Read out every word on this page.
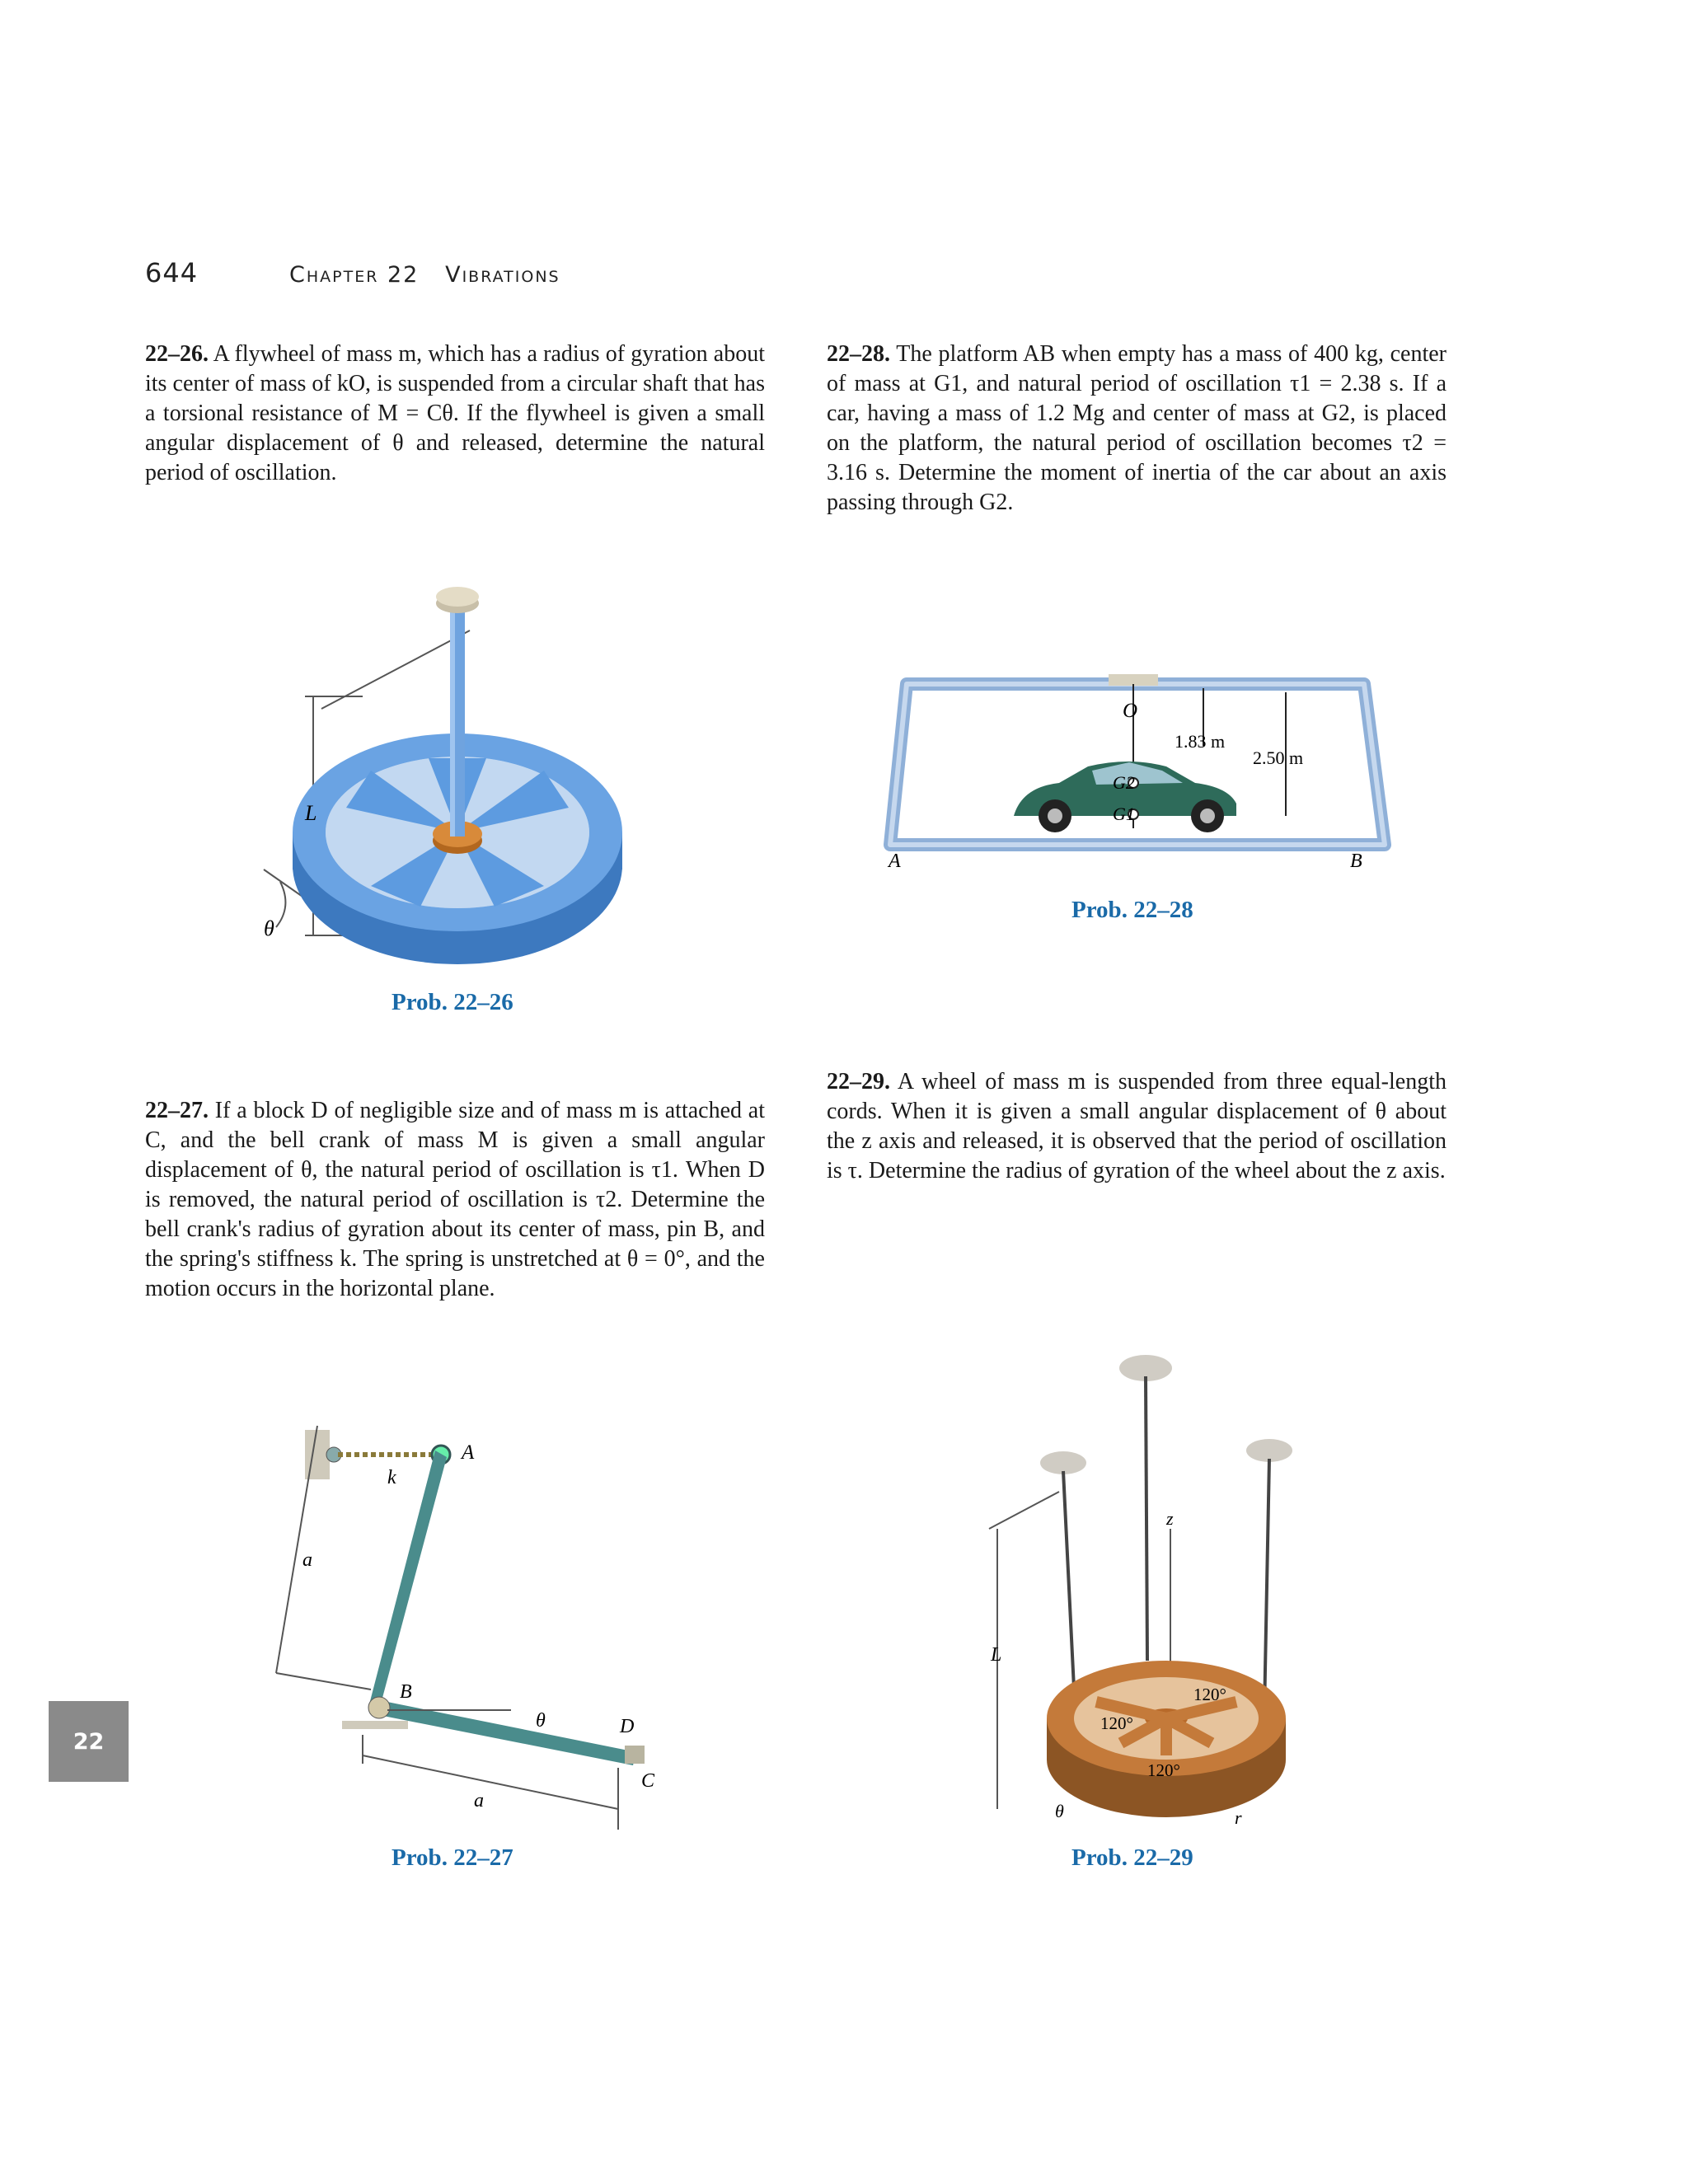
644	Chapter 22 Vibrations

22–26. A flywheel of mass m, which has a radius of gyration about its center of mass of kO, is suspended from a circular shaft that has a torsional resistance of M = Cθ. If the flywheel is given a small angular displacement of θ and released, determine the natural period of oscillation.

22–28. The platform AB when empty has a mass of 400 kg, center of mass at G1, and natural period of oscillation τ1 = 2.38 s. If a car, having a mass of 1.2 Mg and center of mass at G2, is placed on the platform, the natural period of oscillation becomes τ2 = 3.16 s. Determine the moment of inertia of the car about an axis passing through G2.

L
θ
Prob. 22–26
O
G2
G1
1.83 m
2.50 m
A	B
Prob. 22–28

22–27. If a block D of negligible size and of mass m is attached at C, and the bell crank of mass M is given a small angular displacement of θ, the natural period of oscillation is τ1. When D is removed, the natural period of oscillation is τ2. Determine the bell crank's radius of gyration about its center of mass, pin B, and the spring's stiffness k. The spring is unstretched at θ = 0°, and the motion occurs in the horizontal plane.

22–29. A wheel of mass m is suspended from three equal-length cords. When it is given a small angular displacement of θ about the z axis and released, it is observed that the period of oscillation is τ. Determine the radius of gyration of the wheel about the z axis.

A
k
a
B
θ	D
C
a
Prob. 22–27
z
L
θ	r
120°
120°
120°
Prob. 22–29
22
